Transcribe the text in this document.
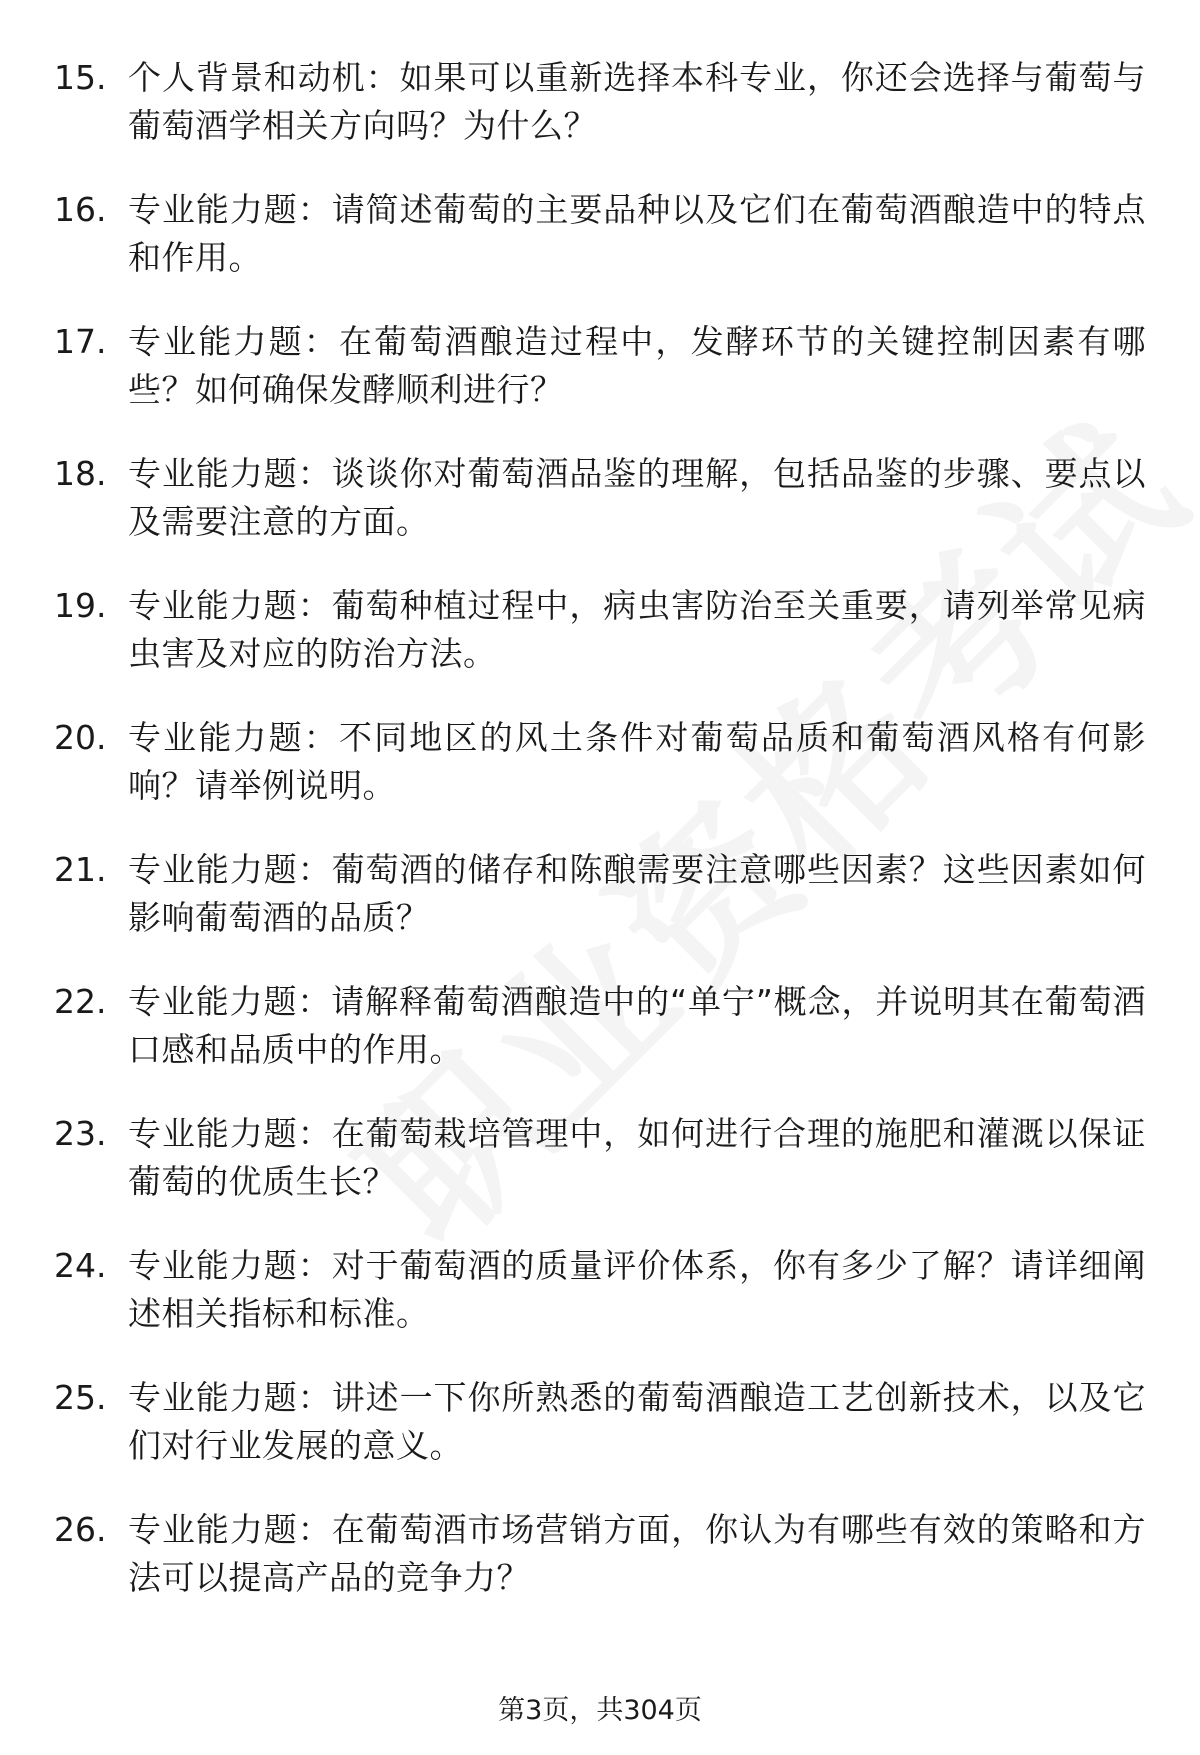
15. 个人背景和动机：如果可以重新选择本科专业，你还会选择与葡萄与葡萄酒学相关方向吗？为什么？
16. 专业能力题：请简述葡萄的主要品种以及它们在葡萄酒酿造中的特点和作用。
17. 专业能力题：在葡萄酒酿造过程中，发酵环节的关键控制因素有哪些？如何确保发酵顺利进行？
18. 专业能力题：谈谈你对葡萄酒品鉴的理解，包括品鉴的步骤、要点以及需要注意的方面。
19. 专业能力题：葡萄种植过程中，病虫害防治至关重要，请列举常见病虫害及对应的防治方法。
20. 专业能力题：不同地区的风土条件对葡萄品质和葡萄酒风格有何影响？请举例说明。
21. 专业能力题：葡萄酒的储存和陈酿需要注意哪些因素？这些因素如何影响葡萄酒的品质？
22. 专业能力题：请解释葡萄酒酿造中的“单宁”概念，并说明其在葡萄酒口感和品质中的作用。
23. 专业能力题：在葡萄栽培管理中，如何进行合理的施肥和灌溉以保证葡萄的优质生长？
24. 专业能力题：对于葡萄酒的质量评价体系，你有多少了解？请详细阐述相关指标和标准。
25. 专业能力题：讲述一下你所熟悉的葡萄酒酿造工艺创新技术，以及它们对行业发展的意义。
26. 专业能力题：在葡萄酒市场营销方面，你认为有哪些有效的策略和方法可以提高产品的竞争力？
第3页，共304页
